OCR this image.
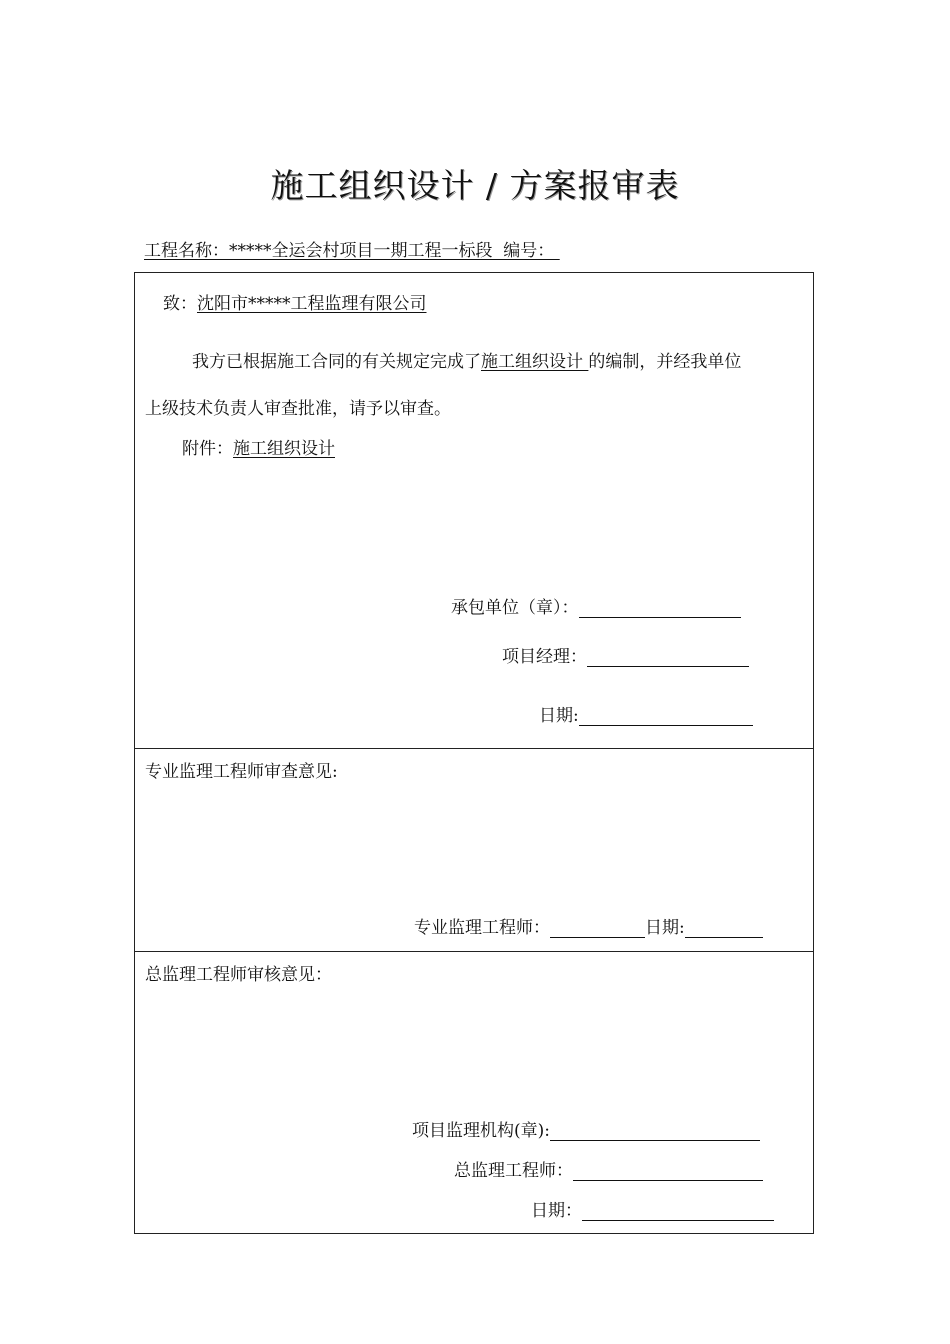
施工组织设计 / 方案报审表
工程名称：*****全运会村项目一期工程一标段  编号：
致：沈阳市*****工程监理有限公司
我方已根据施工合同的有关规定完成了施工组织设计 的编制，并经我单位
上级技术负责人审查批准，请予以审查。
附件：施工组织设计
承包单位（章）：
项目经理：
日期:
专业监理工程师审查意见:
专业监理工程师：	日期:
总监理工程师审核意见：
项目监理机构(章):
总监理工程师：
日期：
